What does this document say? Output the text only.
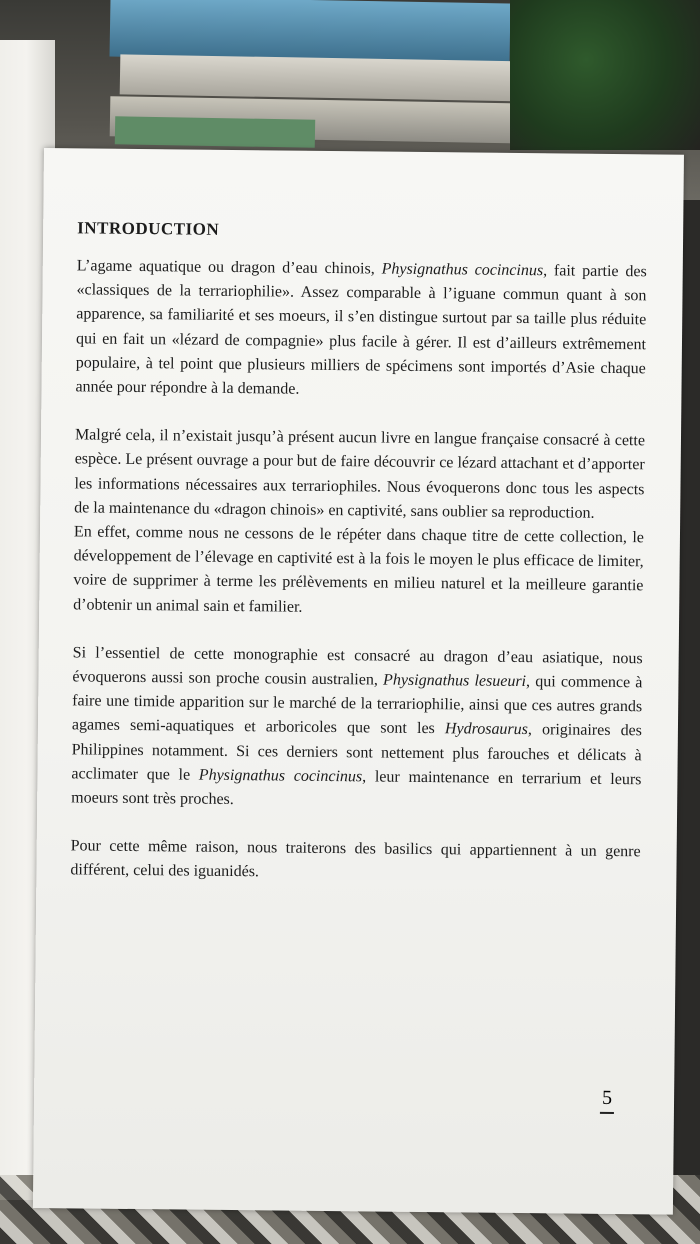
INTRODUCTION

L’agame aquatique ou dragon d’eau chinois, Physignathus cocincinus, fait partie des «classiques de la terrariophilie». Assez comparable à l’iguane commun quant à son apparence, sa familiarité et ses moeurs, il s’en distingue surtout par sa taille plus réduite qui en fait un «lézard de compagnie» plus facile à gérer. Il est d’ailleurs extrêmement populaire, à tel point que plusieurs milliers de spécimens sont importés d’Asie chaque année pour répondre à la demande.

Malgré cela, il n’existait jusqu’à présent aucun livre en langue française consacré à cette espèce. Le présent ouvrage a pour but de faire découvrir ce lézard attachant et d’apporter les informations nécessaires aux terrariophiles. Nous évoquerons donc tous les aspects de la maintenance du «dragon chinois» en captivité, sans oublier sa reproduction.

En effet, comme nous ne cessons de le répéter dans chaque titre de cette collection, le développement de l’élevage en captivité est à la fois le moyen le plus efficace de limiter, voire de supprimer à terme les prélèvements en milieu naturel et la meilleure garantie d’obtenir un animal sain et familier.

Si l’essentiel de cette monographie est consacré au dragon d’eau asiatique, nous évoquerons aussi son proche cousin australien, Physignathus lesueuri, qui commence à faire une timide apparition sur le marché de la terrariophilie, ainsi que ces autres grands agames semi-aquatiques et arboricoles que sont les Hydrosaurus, originaires des Philippines notamment. Si ces derniers sont nettement plus farouches et délicats à acclimater que le Physignathus cocincinus, leur maintenance en terrarium et leurs moeurs sont très proches.

Pour cette même raison, nous traiterons des basilics qui appartiennent à un genre différent, celui des iguanidés.

5
